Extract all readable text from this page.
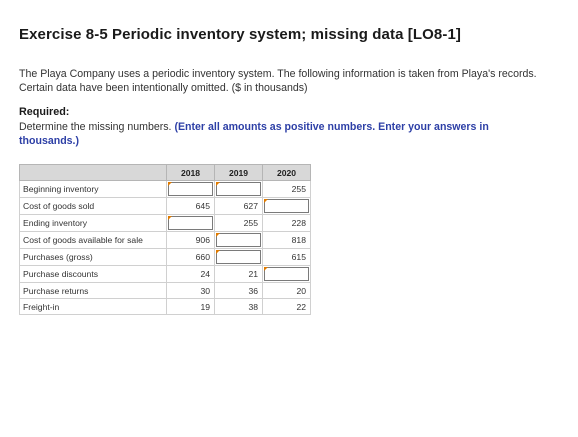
Exercise 8-5 Periodic inventory system; missing data [LO8-1]
The Playa Company uses a periodic inventory system. The following information is taken from Playa's records. Certain data have been intentionally omitted. ($ in thousands)
Required:
Determine the missing numbers. (Enter all amounts as positive numbers. Enter your answers in thousands.)
	2018	2019	2020
Beginning inventory			255
Cost of goods sold	645	627	

Ending inventory		255	228
Cost of goods available for sale	906		818
Purchases (gross)	660		615
Purchase discounts	24	21	

Purchase returns	30	36	20
Freight-in	19	38	22
